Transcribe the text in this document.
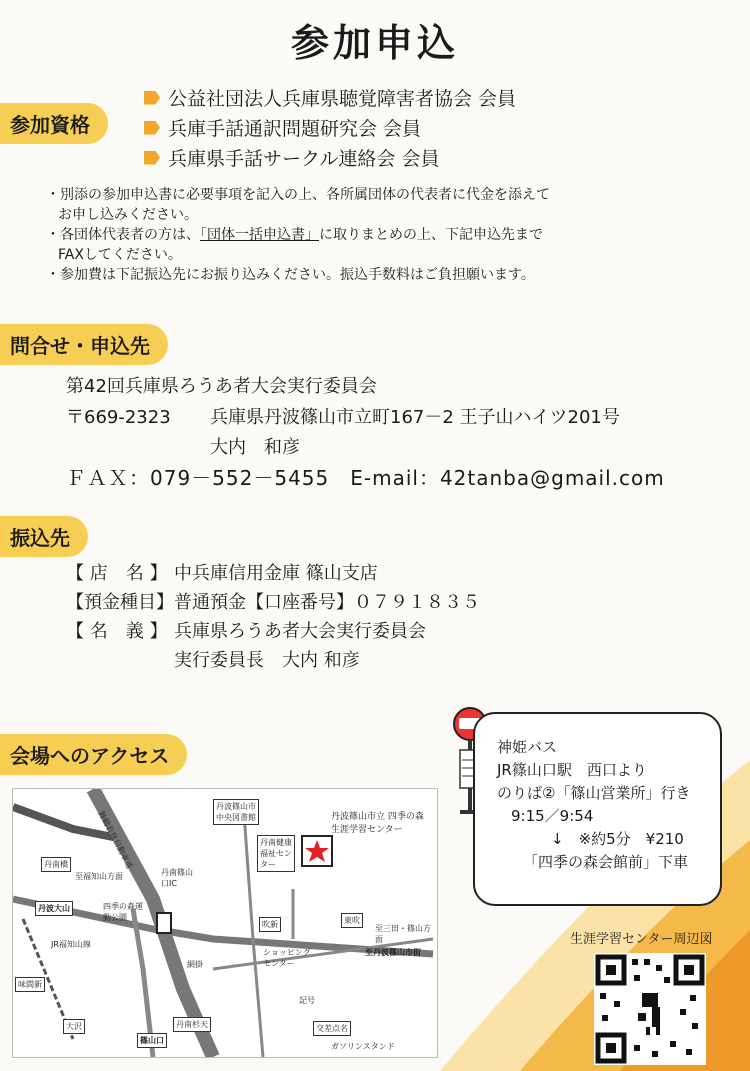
参加申込
参加資格
公益社団法人兵庫県聴覚障害者協会 会員
兵庫手話通訳問題研究会 会員
兵庫県手話サークル連絡会 会員
・別添の参加申込書に必要事項を記入の上、各所属団体の代表者に代金を添えて
お申し込みください。
・各団体代表者の方は、「団体一括申込書」に取りまとめの上、下記申込先まで
FAXしてください。
・参加費は下記振込先にお振り込みください。振込手数料はご負担願います。
問合せ・申込先
第42回兵庫県ろうあ者大会実行委員会
〒669-2323 兵庫県丹波篠山市立町167－2 王子山ハイツ201号
大内　和彦
ＦＡＸ：079－552－5455　E-mail：42tanba@gmail.com
振込先
【 店　名 】 中兵庫信用金庫 篠山支店
【預金種目】 普通預金【口座番号】０７９１８３５
【 名　義 】 兵庫県ろうあ者大会実行委員会
実行委員長　大内 和彦
会場へのアクセス	神姫バス
JR篠山口駅　西口より
のりば②「篠山営業所」行き
9:15／9:54
↓　※約5分　¥210
「四季の森会館前」下車
丹南橋
丹波大山
丹南篠山口IC
四季の森運動公園
丹波篠山市 中央図書館
丹南健康福祉センター
吹新	東吹
網掛
ショッピングセンター
味間新
大沢	丹南杉天
篠山口
記号
交差点名
ガソリンスタンド
舞鶴若狭自動車道
至福知山方面
至丹波篠山市街
至三田・篠山方面
JR福知山線
丹波篠山市立 四季の森生涯学習センター
生涯学習センター周辺図
